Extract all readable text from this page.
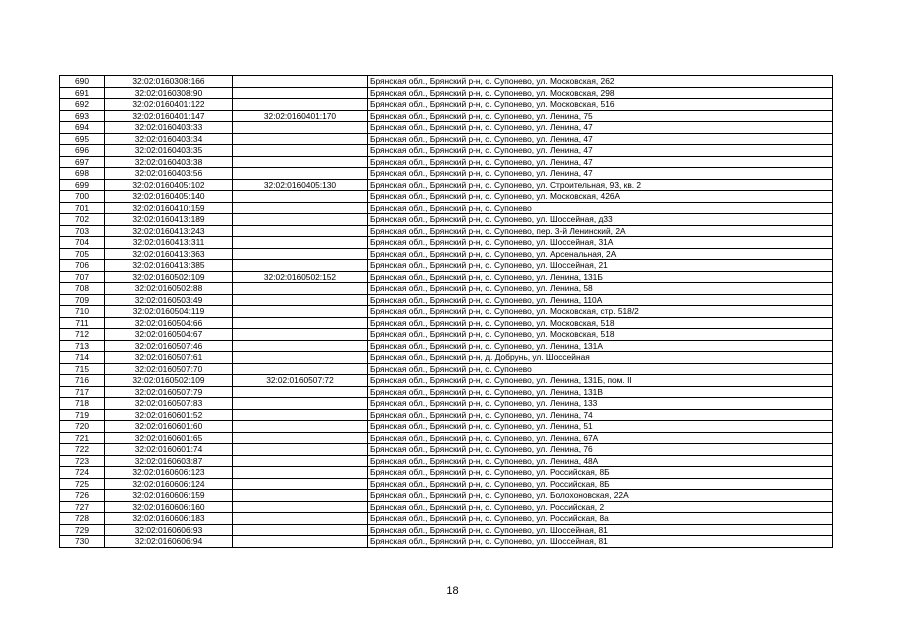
690	32:02:0160308:166		Брянская обл., Брянский р-н, с. Супонево, ул. Московская, 262
691	32:02:0160308:90		Брянская обл., Брянский р-н, с. Супонево, ул. Московская, 298
692	32:02:0160401:122		Брянская обл., Брянский р-н, с. Супонево, ул. Московская, 516
693	32:02:0160401:147	32:02:0160401:170	Брянская обл., Брянский р-н, с. Супонево, ул. Ленина, 75
694	32:02:0160403:33		Брянская обл., Брянский р-н, с. Супонево, ул. Ленина, 47
695	32:02:0160403:34		Брянская обл., Брянский р-н, с. Супонево, ул. Ленина, 47
696	32:02:0160403:35		Брянская обл., Брянский р-н, с. Супонево, ул. Ленина, 47
697	32:02:0160403:38		Брянская обл., Брянский р-н, с. Супонево, ул. Ленина, 47
698	32:02:0160403:56		Брянская обл., Брянский р-н, с. Супонево, ул. Ленина, 47
699	32:02:0160405:102	32:02:0160405:130	Брянская обл., Брянский р-н, с. Супонево, ул. Строительная, 93, кв. 2
700	32:02:0160405:140		Брянская обл., Брянский р-н, с. Супонево, ул. Московская, 426А
701	32:02:0160410:159		Брянская обл., Брянский р-н, с. Супонево
702	32:02:0160413:189		Брянская обл., Брянский р-н, с. Супонево, ул. Шоссейная, д33
703	32:02:0160413:243		Брянская обл., Брянский р-н, с. Супонево, пер. 3-й Ленинский, 2А
704	32:02:0160413:311		Брянская обл., Брянский р-н, с. Супонево, ул. Шоссейная, 31А
705	32:02:0160413:363		Брянская обл., Брянский р-н, с. Супонево, ул. Арсенальная, 2А
706	32:02:0160413:385		Брянская обл., Брянский р-н, с. Супонево, ул. Шоссейная, 21
707	32:02:0160502:109	32:02:0160502:152	Брянская обл., Брянский р-н, с. Супонево, ул. Ленина, 131Б
708	32:02:0160502:88		Брянская обл., Брянский р-н, с. Супонево, ул. Ленина, 58
709	32:02:0160503:49		Брянская обл., Брянский р-н, с. Супонево, ул. Ленина, 110А
710	32:02:0160504:119		Брянская обл., Брянский р-н, с. Супонево, ул. Московская, стр. 518/2
711	32:02:0160504:66		Брянская обл., Брянский р-н, с. Супонево, ул. Московская, 518
712	32:02:0160504:67		Брянская обл., Брянский р-н, с. Супонево, ул. Московская, 518
713	32:02:0160507:46		Брянская обл., Брянский р-н, с. Супонево, ул. Ленина, 131А
714	32:02:0160507:61		Брянская обл., Брянский р-н, д. Добрунь, ул. Шоссейная
715	32:02:0160507:70		Брянская обл., Брянский р-н, с. Супонево
716	32:02:0160502:109	32:02:0160507:72	Брянская обл., Брянский р-н, с. Супонево, ул. Ленина, 131Б, пом. II
717	32:02:0160507:79		Брянская обл., Брянский р-н, с. Супонево, ул. Ленина, 131В
718	32:02:0160507:83		Брянская обл., Брянский р-н, с. Супонево, ул. Ленина, 133
719	32:02:0160601:52		Брянская обл., Брянский р-н, с. Супонево, ул. Ленина, 74
720	32:02:0160601:60		Брянская обл., Брянский р-н, с. Супонево, ул. Ленина, 51
721	32:02:0160601:65		Брянская обл., Брянский р-н, с. Супонево, ул. Ленина, 67А
722	32:02:0160601:74		Брянская обл., Брянский р-н, с. Супонево, ул. Ленина, 76
723	32:02:0160603:87		Брянская обл., Брянский р-н, с. Супонево, ул. Ленина, 48А
724	32:02:0160606:123		Брянская обл., Брянский р-н, с. Супонево, ул. Российская, 8Б
725	32:02:0160606:124		Брянская обл., Брянский р-н, с. Супонево, ул. Российская, 8Б
726	32:02:0160606:159		Брянская обл., Брянский р-н, с. Супонево, ул. Болохоновская, 22А
727	32:02:0160606:160		Брянская обл., Брянский р-н, с. Супонево, ул. Российская, 2
728	32:02:0160606:183		Брянская обл., Брянский р-н, с. Супонево, ул. Российская, 8а
729	32:02:0160606:93		Брянская обл., Брянский р-н, с. Супонево, ул. Шоссейная, 81
730	32:02:0160606:94		Брянская обл., Брянский р-н, с. Супонево, ул. Шоссейная, 81
18
